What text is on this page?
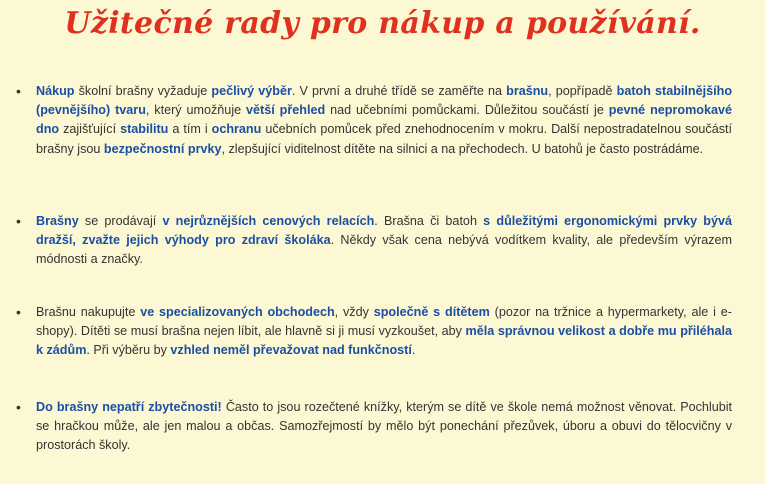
Užitečné rady pro nákup a používání.
• Nákup školní brašny vyžaduje pečlivý výběr. V první a druhé třídě se zaměřte na brašnu, popřípadě batoh stabilnějšího (pevnějšího) tvaru, který umožňuje větší přehled nad učebními pomůckami. Důležitou součástí je pevné nepromokavé dno zajišťující stabilitu a tím i ochranu učebních pomůcek před znehodnocením v mokru. Další nepostradatelnou součástí brašny jsou bezpečnostní prvky, zlepšující viditelnost dítěte na silnici a na přechodech. U batohů je často postrádáme.
• Brašny se prodávají v nejrůznějších cenových relacích. Brašna či batoh s důležitými ergonomickými prvky bývá dražší, zvažte jejich výhody pro zdraví školáka. Někdy však cena nebývá vodítkem kvality, ale především výrazem módnosti a značky.
• Brašnu nakupujte ve specializovaných obchodech, vždy společně s dítětem (pozor na tržnice a hypermarkety, ale i e-shopy). Dítěti se musí brašna nejen líbit, ale hlavně si ji musí vyzkoušet, aby měla správnou velikost a dobře mu přiléhala k zádům. Při výběru by vzhled neměl převažovat nad funkčností.
• Do brašny nepatří zbytečnosti! Často to jsou rozečtené knížky, kterým se dítě ve škole nemá možnost věnovat. Pochlubit se hračkou může, ale jen malou a občas. Samozřejmostí by mělo být ponechání přezůvek, úboru a obuvi do tělocvičny v prostorách školy.
